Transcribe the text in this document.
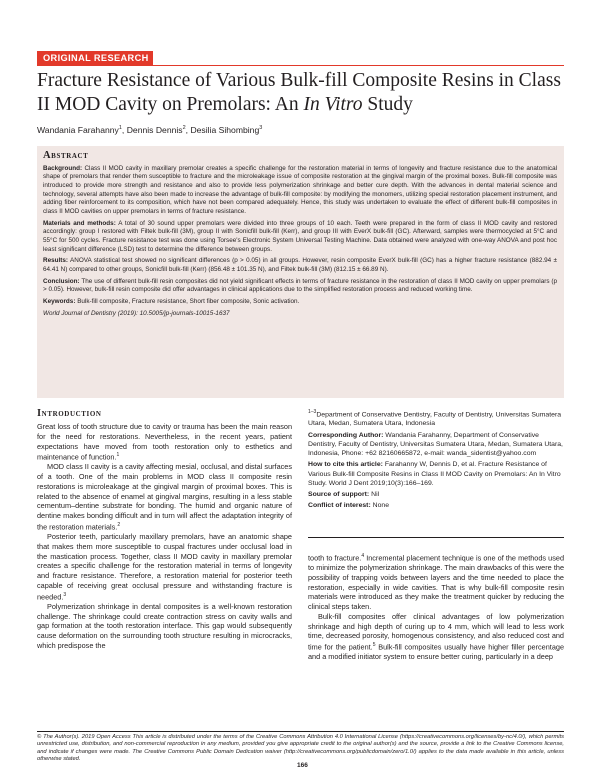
ORIGINAL RESEARCH
Fracture Resistance of Various Bulk-fill Composite Resins in Class II MOD Cavity on Premolars: An In Vitro Study
Wandania Farahanny$^1$, Dennis Dennis$^2$, Desilia Sihombing$^3$
Abstract

Background: Class II MOD cavity in maxillary premolar creates a specific challenge for the restoration material in terms of longevity and fracture resistance due to the anatomical shape of premolars that render them susceptible to fracture and the microleakage issue of composite restoration at the gingival margin of the proximal boxes. Bulk-fill composite was introduced to provide more strength and resistance and also to provide less polymerization shrinkage and better cure depth. With the advances in dental material science and technology, several attempts have also been made to increase the advantage of bulk-fill composite: by modifying the monomers, utilizing special restoration placement instrument, and adding fiber reinforcement to its composition, which have not been compared adequately. Hence, this study was undertaken to evaluate the effect of different bulk-fill composites in class II MOD cavities on upper premolars in terms of fracture resistance.

Materials and methods: A total of 30 sound upper premolars were divided into three groups of 10 each. Teeth were prepared in the form of class II MOD cavity and restored accordingly: group I restored with Filtek bulk-fill (3M), group II with Sonicfill bulk-fill (Kerr), and group III with EverX bulk-fill (GC). Afterward, samples were thermocycled at 5°C and 55°C for 500 cycles. Fracture resistance test was done using Torsee's Electronic System Universal Testing Machine. Data obtained were analyzed with one-way ANOVA and post hoc least significant difference (LSD) test to determine the difference between groups.

Results: ANOVA statistical test showed no significant differences (p > 0.05) in all groups. However, resin composite EverX bulk-fill (GC) has a higher fracture resistance (882.94 ± 64.41 N) compared to other groups, Sonicfill bulk-fill (Kerr) (856.48 ± 101.35 N), and Filtek bulk-fill (3M) (812.15 ± 66.89 N).

Conclusion: The use of different bulk-fill resin composites did not yield significant effects in terms of fracture resistance in the restoration of class II MOD cavity on upper premolars (p > 0.05). However, bulk-fill resin composite did offer advantages in clinical applications due to the simplified restoration process and reduced working time.

Keywords: Bulk-fill composite, Fracture resistance, Short fiber composite, Sonic activation.

World Journal of Dentistry (2019): 10.5005/jp-journals-10015-1637

Introduction

Great loss of tooth structure due to cavity or trauma has been the main reason for the need for restorations. Nevertheless, in the recent years, patient expectations have moved from tooth restoration only to esthetics and maintenance of function.$^1$

MOD class II cavity is a cavity affecting mesial, occlusal, and distal surfaces of a tooth. One of the main problems in MOD class II composite resin restorations is microleakage at the gingival margin of proximal boxes. This is related to the absence of enamel at gingival margins, resulting in a less stable cementum–dentine substrate for bonding. The humid and organic nature of dentine makes bonding difficult and in turn will affect the adaptation integrity of the restoration materials.$^2$

Posterior teeth, particularly maxillary premolars, have an anatomic shape that makes them more susceptible to cuspal fractures under occlusal load in the mastication process. Together, class II MOD cavity in maxillary premolar creates a specific challenge for the restoration material in terms of longevity and fracture resistance. Therefore, a restoration material for posterior teeth capable of receiving great occlusal pressure and withstanding fracture is needed.$^3$

Polymerization shrinkage in dental composites is a well-known restoration challenge. The shrinkage could create contraction stress on cavity walls and gap formation at the tooth restoration interface. This gap would subsequently cause deformation on the surrounding tooth structure resulting in microcracks, which predispose the

$^{1-3}$Department of Conservative Dentistry, Faculty of Dentistry, Universitas Sumatera Utara, Medan, Sumatera Utara, Indonesia

Corresponding Author: Wandania Farahanny, Department of Conservative Dentistry, Faculty of Dentistry, Universitas Sumatera Utara, Medan, Sumatera Utara, Indonesia, Phone: +62 82160665872, e-mail: wanda_sidentist@yahoo.com

How to cite this article: Farahanny W, Dennis D, et al. Fracture Resistance of Various Bulk-fill Composite Resins in Class II MOD Cavity on Premolars: An In Vitro Study. World J Dent 2019;10(3):166–169.

Source of support: Nil

Conflict of interest: None

tooth to fracture.$^4$ Incremental placement technique is one of the methods used to minimize the polymerization shrinkage. The main drawbacks of this were the possibility of trapping voids between layers and the time needed to place the restoration, especially in wide cavities. That is why bulk-fill composite resin materials were introduced as they make the treatment quicker by reducing the clinical steps taken.

Bulk-fill composites offer clinical advantages of low polymerization shrinkage and high depth of curing up to 4 mm, which will lead to less work time, decreased porosity, homogenous consistency, and also reduced cost and time for the patient.$^5$ Bulk-fill composites usually have higher filler percentage and a modified initiator system to ensure better curing, particularly in a deep

© The Author(s). 2019 Open Access This article is distributed under the terms of the Creative Commons Attribution 4.0 International License (https://creativecommons.org/licenses/by-nc/4.0/), which permits unrestricted use, distribution, and non-commercial reproduction in any medium, provided you give appropriate credit to the original author(s) and the source, provide a link to the Creative Commons license, and indicate if changes were made. The Creative Commons Public Domain Dedication waiver (http://creativecommons.org/publicdomain/zero/1.0/) applies to the data made available in this article, unless otherwise stated.
166
